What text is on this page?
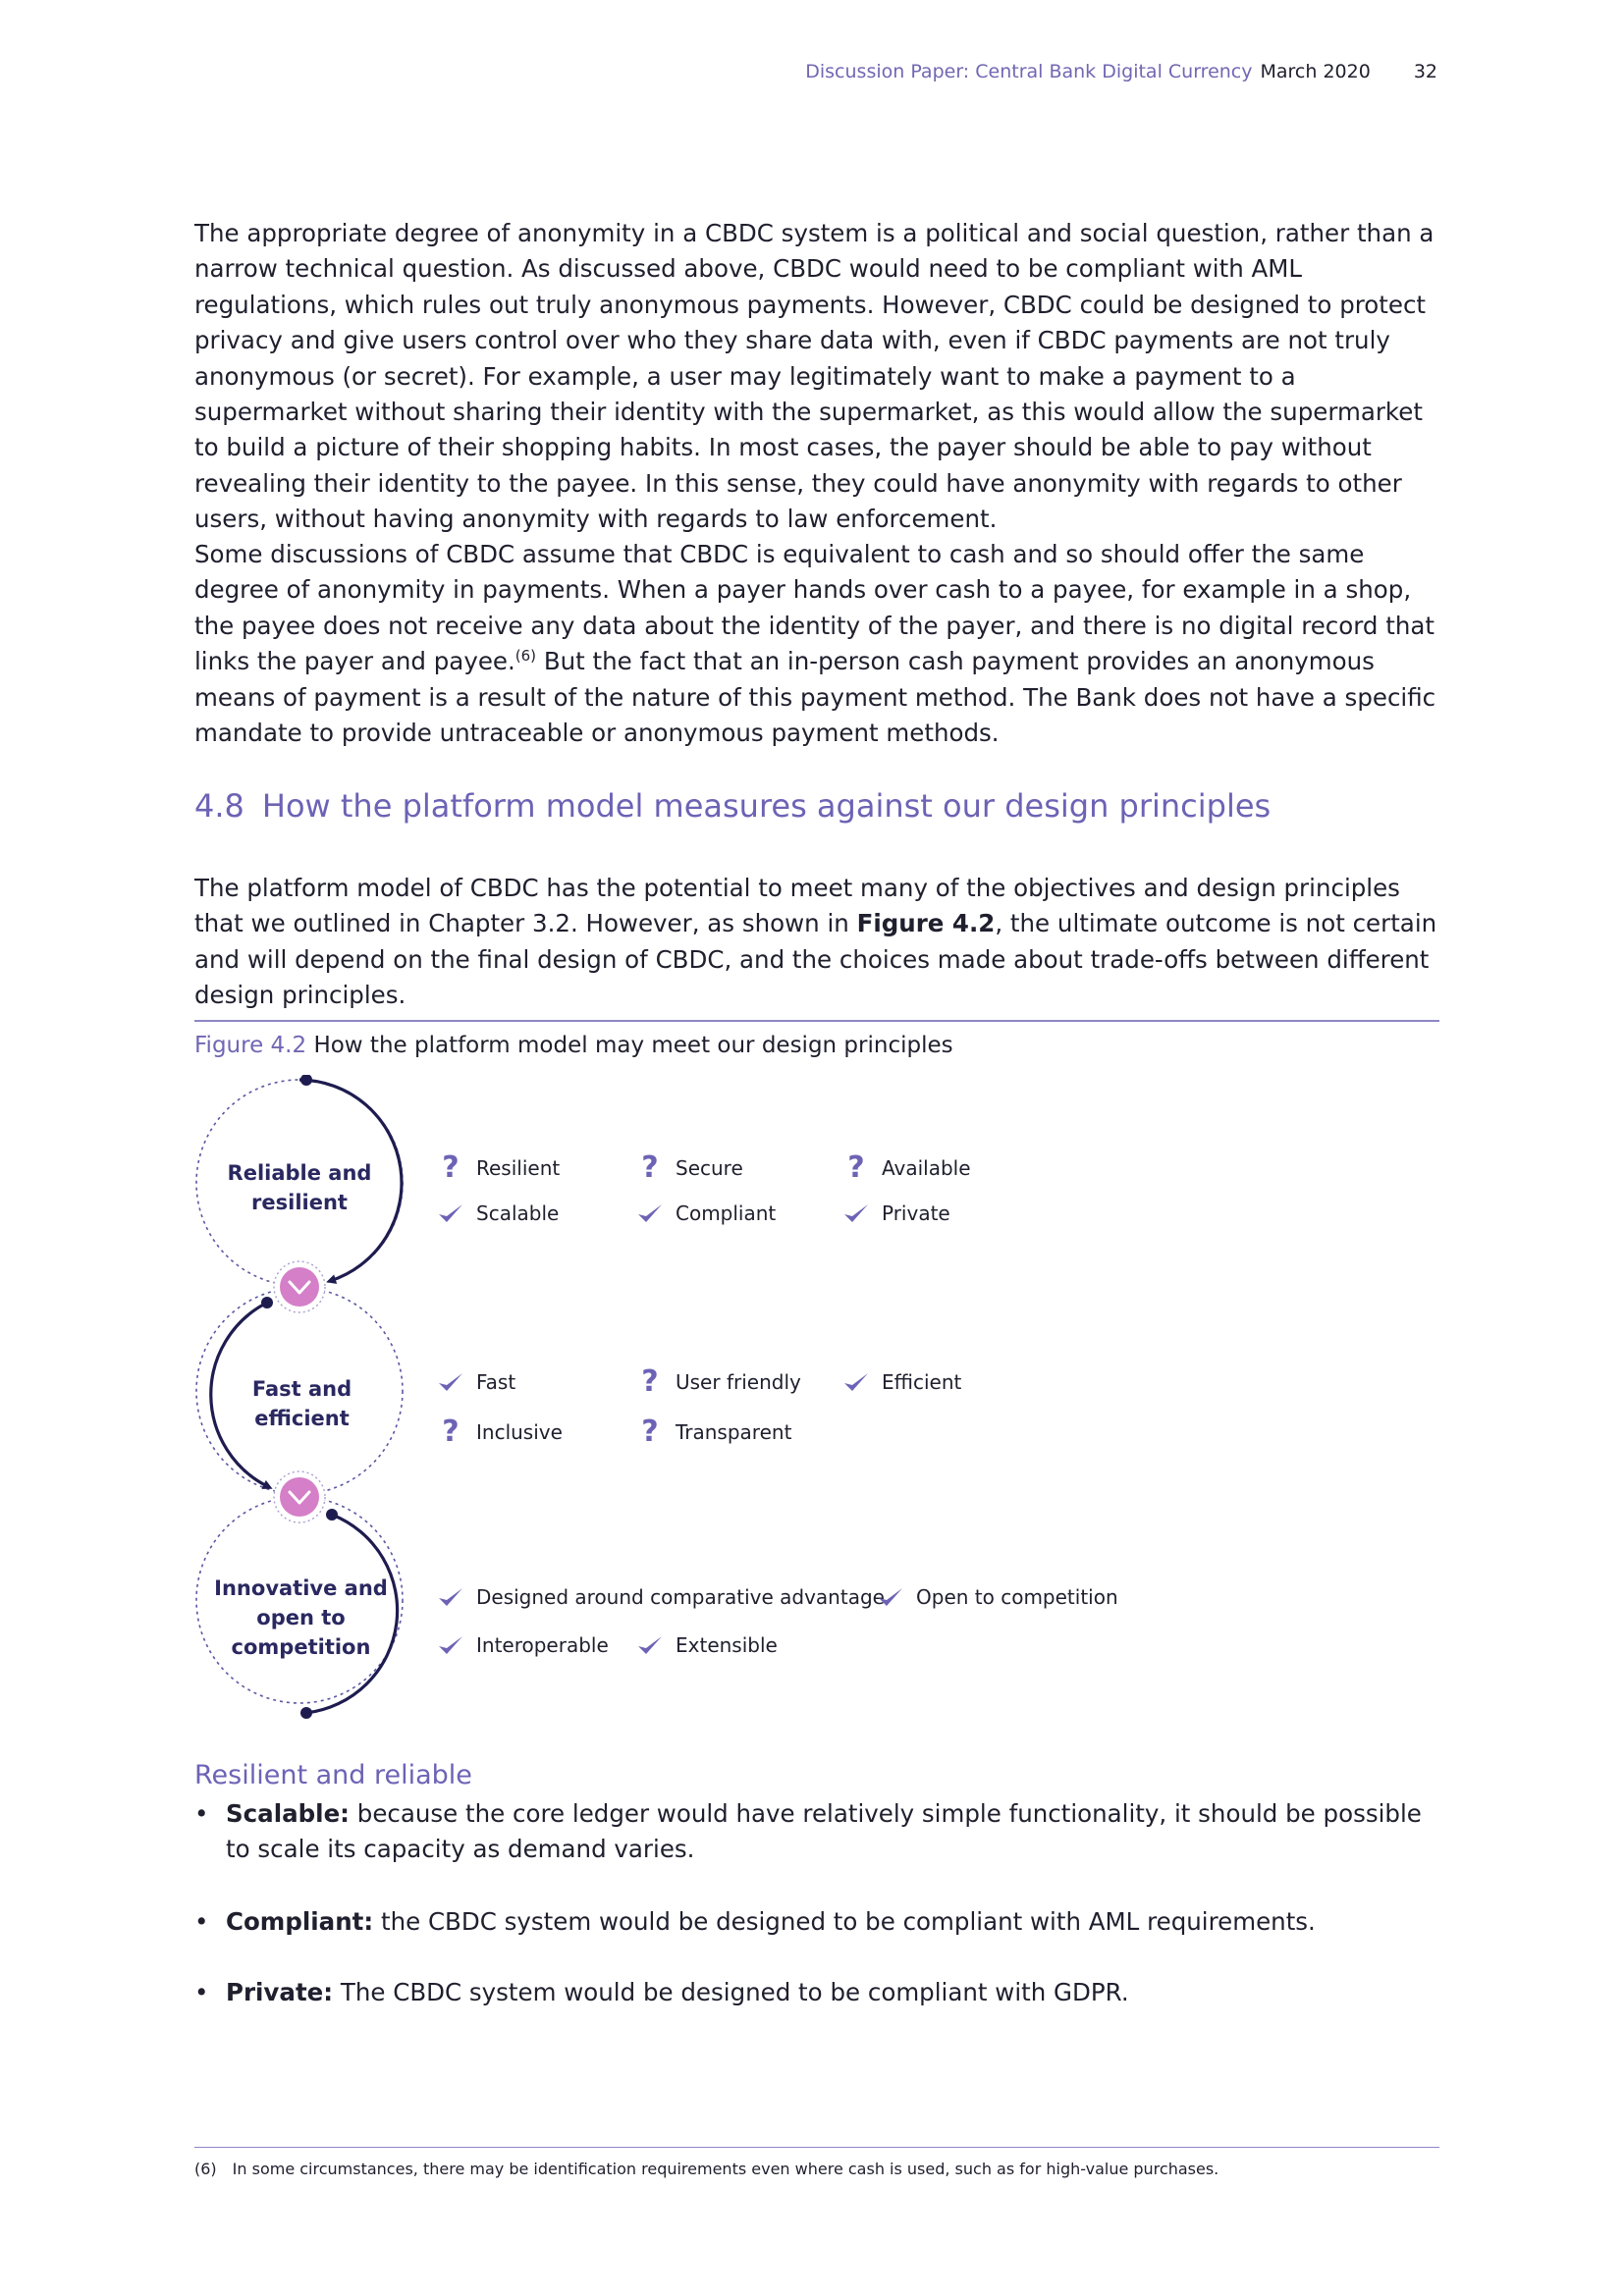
Discussion Paper: Central Bank Digital Currency March 2020 32

The appropriate degree of anonymity in a CBDC system is a political and social question, rather than a narrow technical question. As discussed above, CBDC would need to be compliant with AML regulations, which rules out truly anonymous payments. However, CBDC could be designed to protect privacy and give users control over who they share data with, even if CBDC payments are not truly anonymous (or secret). For example, a user may legitimately want to make a payment to a supermarket without sharing their identity with the supermarket, as this would allow the supermarket to build a picture of their shopping habits. In most cases, the payer should be able to pay without revealing their identity to the payee. In this sense, they could have anonymity with regards to other users, without having anonymity with regards to law enforcement.

Some discussions of CBDC assume that CBDC is equivalent to cash and so should offer the same degree of anonymity in payments. When a payer hands over cash to a payee, for example in a shop, the payee does not receive any data about the identity of the payer, and there is no digital record that links the payer and payee.$^{(6)}$ But the fact that an in-person cash payment provides an anonymous means of payment is a result of the nature of this payment method. The Bank does not have a specific mandate to provide untraceable or anonymous payment methods.

4.8 How the platform model measures against our design principles

The platform model of CBDC has the potential to meet many of the objectives and design principles that we outlined in Chapter 3.2. However, as shown in Figure 4.2, the ultimate outcome is not certain and will depend on the final design of CBDC, and the choices made about trade-offs between different design principles.

Figure 4.2 How the platform model may meet our design principles
Reliable and resilient
Fast and efficient
Innovative and open to competition
? Resilient	? Secure	? Available
Scalable	Compliant	Private
Fast	? User friendly	Efficient
? Inclusive	? Transparent
Designed around comparative advantage Open to competition
Interoperable	Extensible
Resilient and reliable
• Scalable: because the core ledger would have relatively simple functionality, it should be possible to scale its capacity as demand varies.
• Compliant: the CBDC system would be designed to be compliant with AML requirements.
• Private: The CBDC system would be designed to be compliant with GDPR.
(6) In some circumstances, there may be identification requirements even where cash is used, such as for high-value purchases.
